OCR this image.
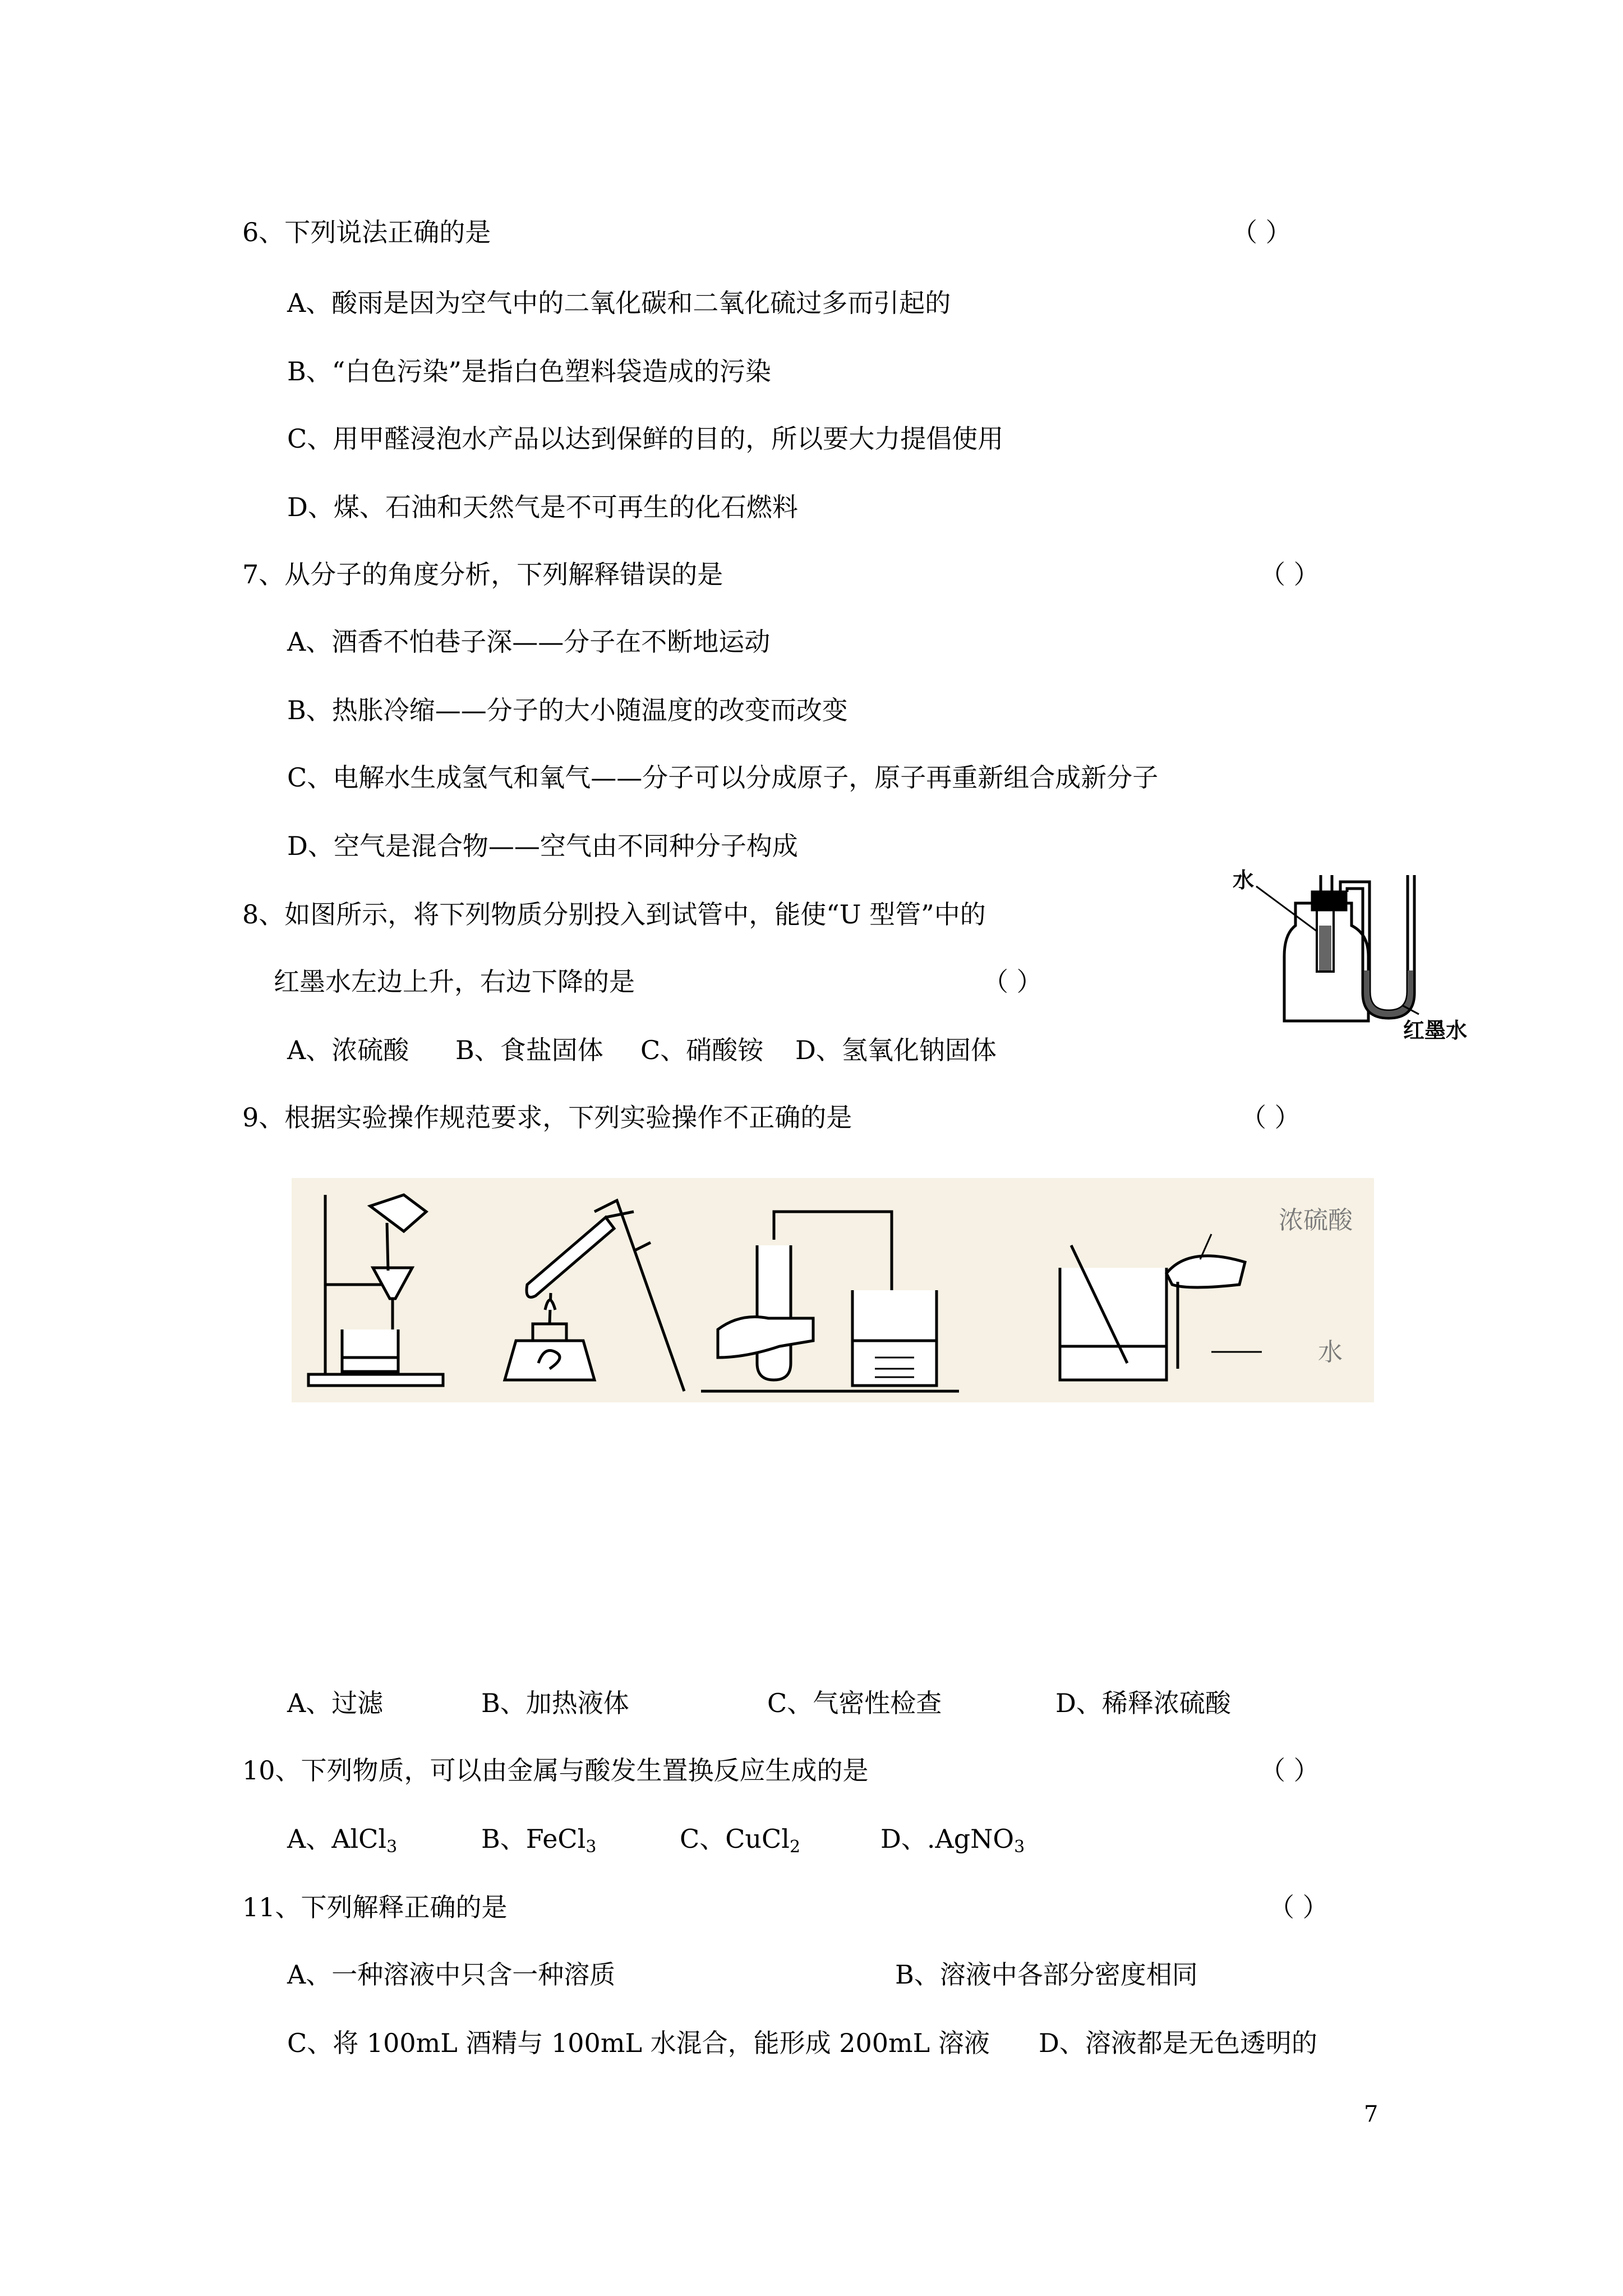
6、下列说法正确的是	（ ）
A、酸雨是因为空气中的二氧化碳和二氧化硫过多而引起的
B、“白色污染”是指白色塑料袋造成的污染
C、用甲醛浸泡水产品以达到保鲜的目的，所以要大力提倡使用
D、煤、石油和天然气是不可再生的化石燃料
7、从分子的角度分析，下列解释错误的是	（ ）
A、酒香不怕巷子深——分子在不断地运动
B、热胀冷缩——分子的大小随温度的改变而改变
C、电解水生成氢气和氧气——分子可以分成原子，原子再重新组合成新分子
D、空气是混合物——空气由不同种分子构成
8、如图所示，将下列物质分别投入到试管中，能使“U 型管”中的
红墨水左边上升，右边下降的是	（ ）
A、浓硫酸 B、食盐固体 C、硝酸铵 D、氢氧化钠固体
水
红墨水
9、根据实验操作规范要求，下列实验操作不正确的是	（ ）
浓硫酸
水
A、过滤	B、加热液体	C、气密性检查	D、稀释浓硫酸
10、下列物质，可以由金属与酸发生置换反应生成的是	（ ）
A、AlCl$_3$	B、FeCl$_3$	C、CuCl$_2$	D、.AgNO$_3$
11、下列解释正确的是	（ ）
A、一种溶液中只含一种溶质	B、溶液中各部分密度相同
C、将 100mL 酒精与 100mL 水混合，能形成 200mL 溶液 D、溶液都是无色透明的
7
